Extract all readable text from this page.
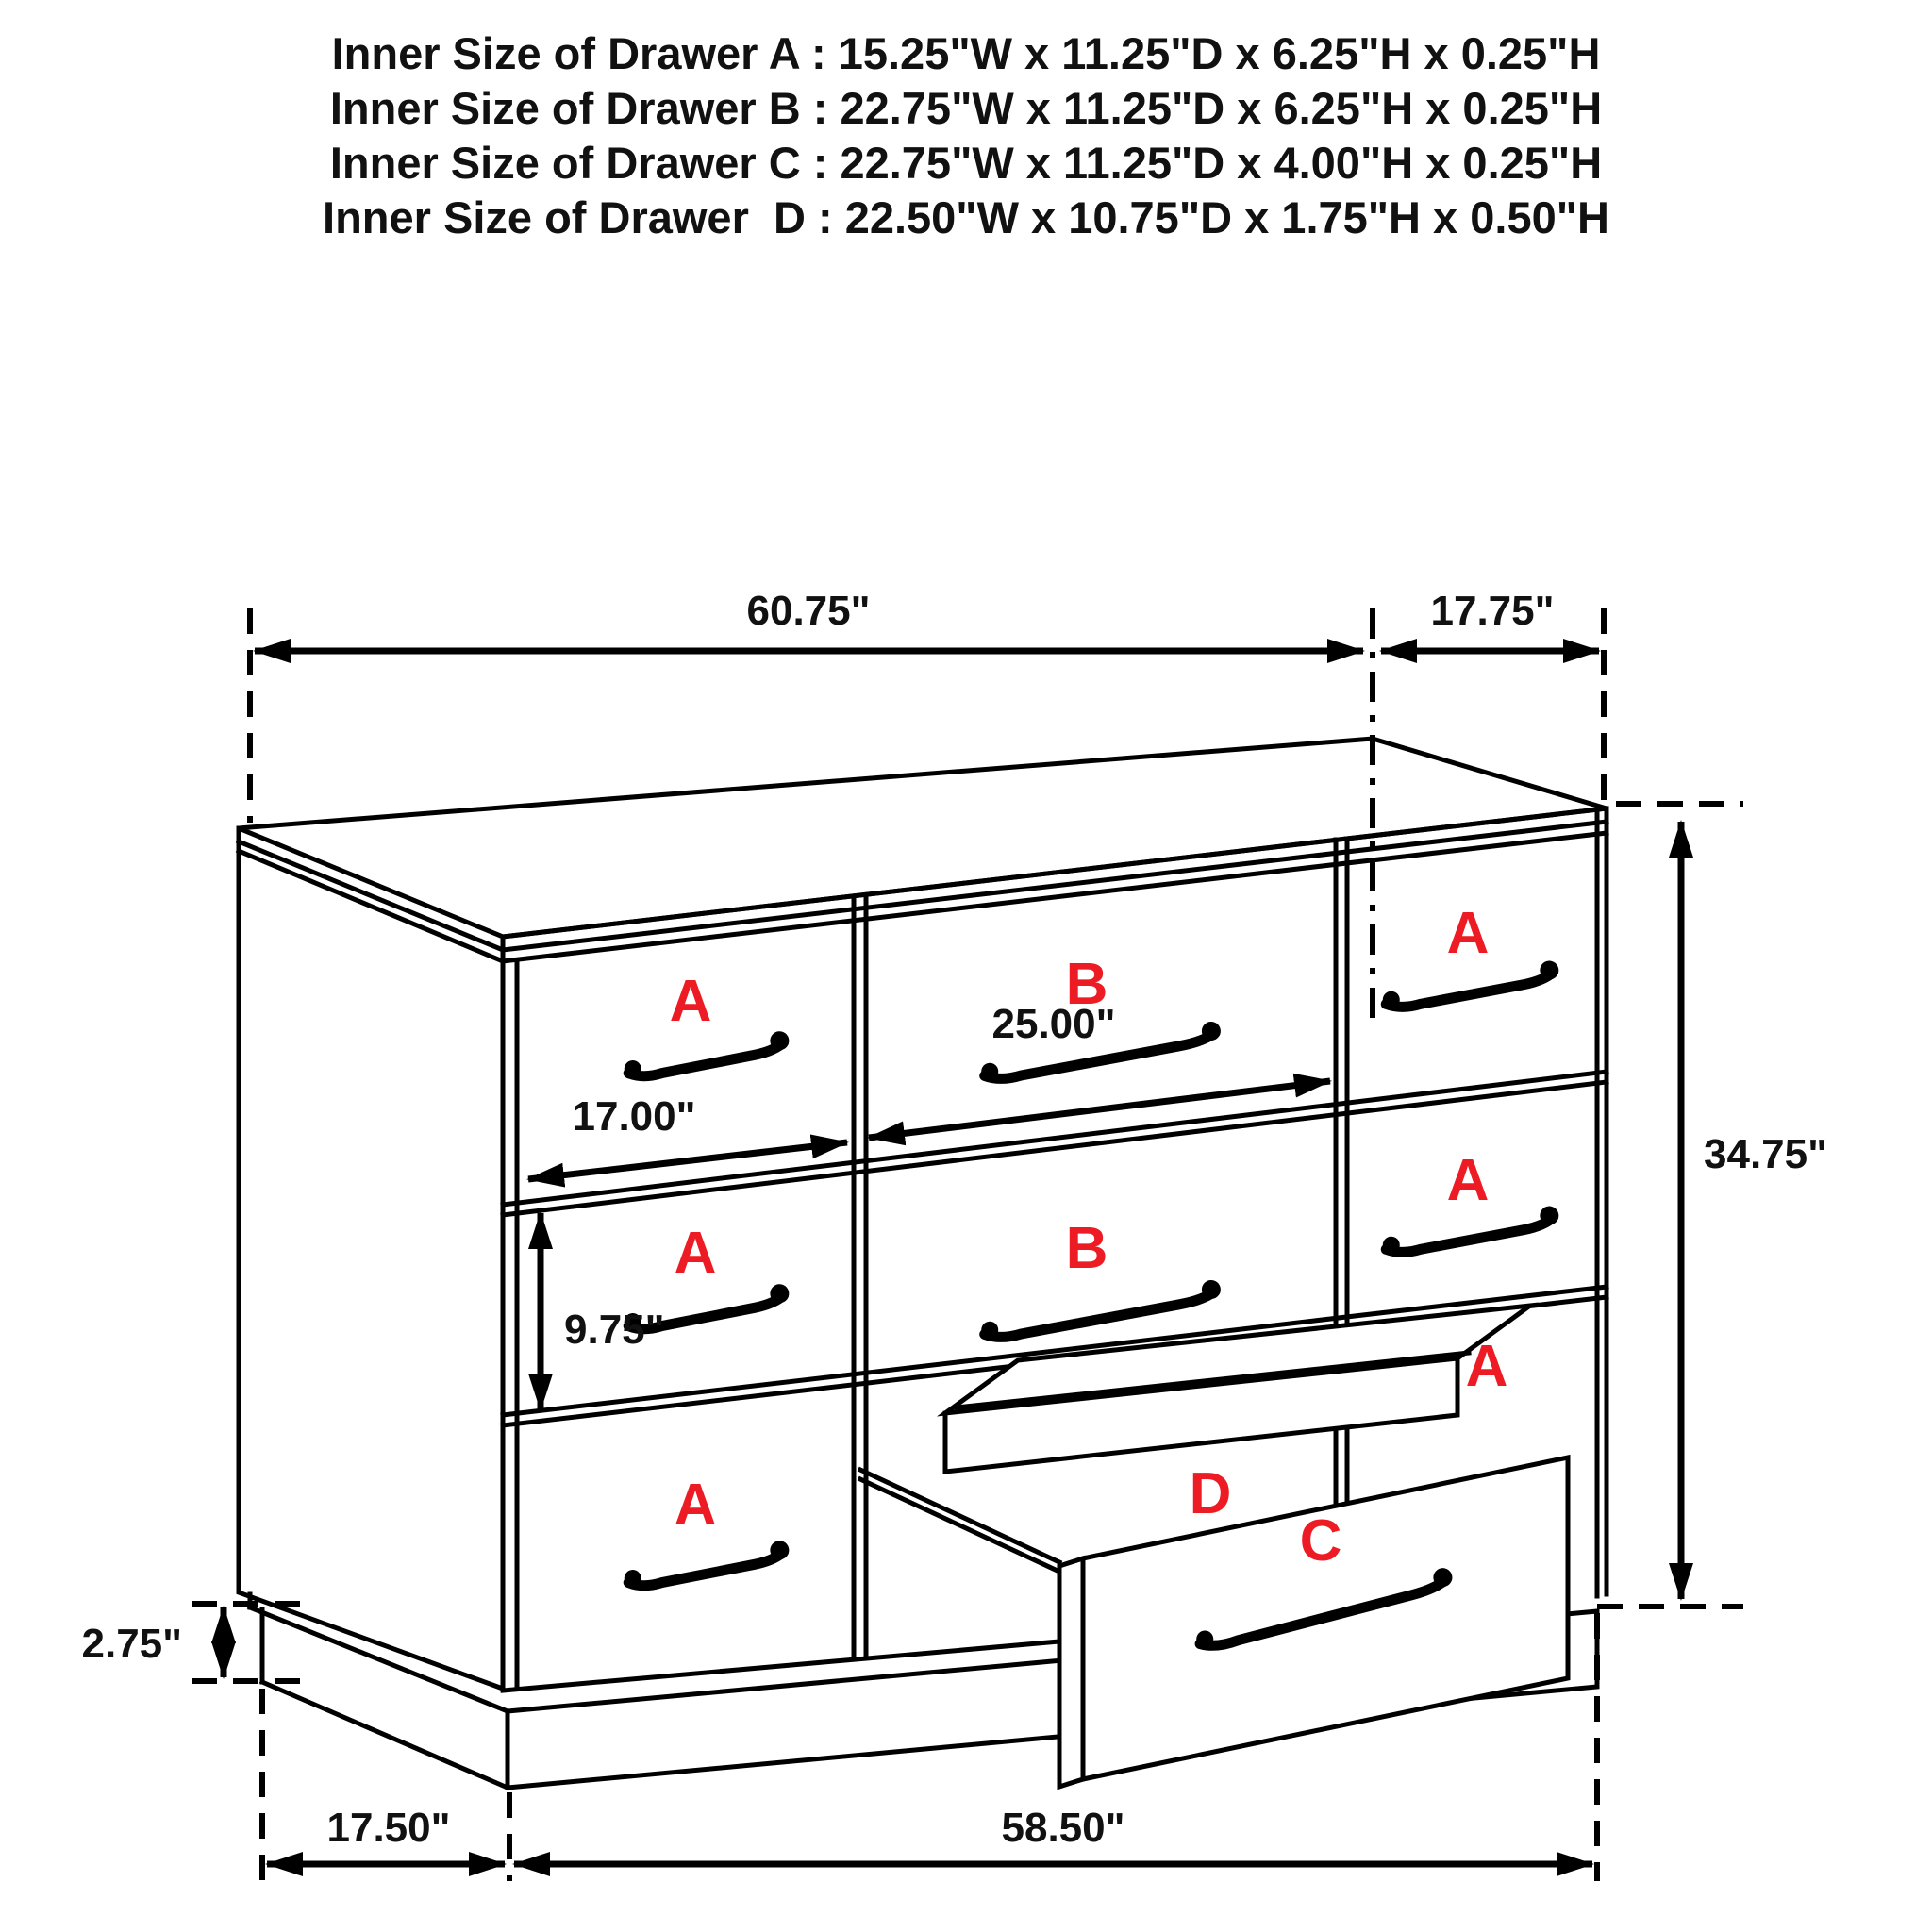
Inner Size of Drawer A : 15.25"W x 11.25"D x 6.25"H x 0.25"H
Inner Size of Drawer B : 22.75"W x 11.25"D x 6.25"H x 0.25"H
Inner Size of Drawer C : 22.75"W x 11.25"D x 4.00"H x 0.25"H
Inner Size of Drawer  D : 22.50"W x 10.75"D x 1.75"H x 0.50"H
A
A
A
B
B
A
A
A
D
C
60.75"	17.75"
34.75"
25.00"
17.00"
9.75"
2.75"
17.50"	58.50"
